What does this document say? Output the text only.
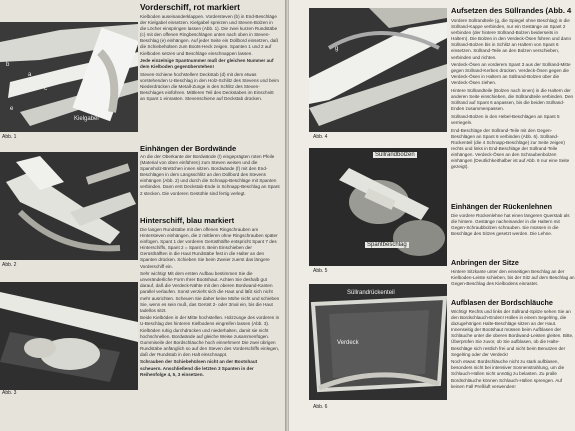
Kielgabel
b
c
e
a
Abb. 1
Abb. 2
Abb. 3
Vorderschiff, rot markiert

Kielboden auseinanderklappen. Vordersteven (b) in End-Beschläge der Kielgabel einsetzen. Kielgabel spreizen und Steven-Bolzen in die Löcher einspringen lassen (Abb. 1). Die zwei kurzen Rundstäbe (c) mit den offenen Ringbeschlägen unten nach oben in Steven-Beschlag (e) einhängen. Auf jeder Seite ein Dollbord einsetzen, daß die Schiebehülsen zum Boots-Heck zeigen. Spanten 1 und 2 auf Kielboden setzen und Beschläge einschnappen lassen.

Jede einzelnige Spantnummer muß der gleichen Nummer auf dem Kielboden gegenüberstehen!

Steven-Schiene hochstellen! Deckstab (d) mit dem etwas vorstehenden U-Beschlag in den Holz-Schlitz des Stevens und beim Niederdrücken die Metall-Zunge in den Schlitz des Steven-Beschlages einführen. Mittleren Teil des Deckstabes im Einschnitt an Spant 1 einrasten. Stevenschiene auf Deckstab drücken.

Einhängen der Bordwände

An die der Oberkante der Bordwände (!) eingeprägten roten Pfeile (Material von oben einführen) zum Steven weisen und die Spannholz-Brettchen innen sitzen. Bordwände (f) mit den End-Beschlägen in dem Längsschlitz an den Dollbord des Stevens einhängen (Abb. 2) und durch die Schnapp-Beschläge mit Spanten verbinden. Dann erst Deckstab-Ende in Schnapp-Beschlag an Spant 2 stecken. Die vorderen Gestühle sind fertig verlegt.

Hinterschiff, blau markiert

Die langen Rundstäbe mit den offenen Ringschrauben am Hintersteven einhängen, die 2 mittleren ohne Ringschrauben später einfügen. Spant 1 der vorderen Gerüsthälfte entspricht Spant 7 des Hinterschiffs, Spant 2 = Spant 6. Beim Einschieben der Gerüsthälften in die Haut Rundstäbe fest in die Halter an den Spanten drücken. Schieben Sie beim Zweier zuerst das längere Vorderschiff ein.

Sehr wichtig! Mit dem ersten Aufbau bestimmen Sie die unveränderliche Form Ihrer Bootshaut. Achten Sie deshalb gut darauf, daß die Verdeck-Nähte mit den oberen Bordwand-Kanten parallel verlaufen. Sonst verzieht sich die Haut und läßt sich nicht mehr ausrichten. Scheuen Sie daher keine Mühe nicht und schieben Sie, wenn es sein muß, das Gerüst 2- oder 3mal ein, bis die Haut tadellos sitzt.

Beide Kielböden in der Mitte hochstellen. Holzzunge des vorderen in U-Beschlag des hinteren Kielbodens eingreifen lassen (Abb. 3). Kielböden ruhig durchdrücken und niederhalten, damit sie nicht hochschnellen. Bordwände auf gleiche Weise zusammenfügen. Gummiseile der Bordschläuche hoch einnehmen! Die zwei übrigen Rundstäbe anfänglich so auf den Steven des Vorderschiffs einlegen, daß der Rundstab in den Halt einschnappt.

Schrauben der Schiebehülsen nicht an der Bootshaut scheuern. Anschließend die letzten 3 Spanten in der Reihenfolge 4, 5, 3 einsetzen.

g
g
Abb. 4
Süllrandbolzen
Spantbeschlag
Abb. 5
Süllrandrückenteil
Verdeck
Abb. 6
Aufsetzen des Süllrandes (Abb. 4

Vordere Süllrandteile (g, die Spiegel ohne Beschlag) in die Süllrand-Kappe verbinden, nur ein Gestänge an Spant 2 verbinden (der hintere Süllrand-Bolzen beiderseits in Haltern). Die Bolzen in den Verdeck-Ösen führen und dann Süllrand-Bolzen bis in Schlitz an Haltern von Spant 6 einsetzen. Süllrand-Teile an den Bolzen verschieben, verbinden und richten.

Verdeck-Ösen an vorderem Spant 3 aus der Süllrand-Mitte gegen Süllrand-Kerben drücken. Verdeck-Ösen gegen die Verdeck-Ösen in Haltern an Süllrand-Bolzen über die Verdeck-Ösen ziehen.

Hintere Süllrandteile (Bolzen nach innen) in die Haltern der anderen Seite einschieben, die Süllrandteile verbinden. Den Süllrand auf Spant 6 anpassen, bis die beiden Süllrand-Enden zusammenpassen.

Süllrand-Bolzen in den Hebel-Beschlägen an Spant 5 verriegeln.

End-Beschläge der Süllrand-Teile mit den Gegen-Beschlägen an Spant 6 verbinden (Abb. 6). Süllrand-Rückenteil (die 4 Schnapp-Beschläge) zur Seite zeigen) rechts und links in End-Beschläge der Süllrand-Teile einhängen. Verdeck-Ösen an den Schraubenbolzen einhängen (Deutlichkeithalber ist auf Abb. 6 nur eine Seite gezeigt).

Einhängen der Rückenlehnen

Die vordere Rückenlehne hat einen längeren Querstab als die hintere. Gestänge nacheinander in die Haltern mit Gegen-Schraubbolzen schrauben. Sie müssen in die Beschläge des Sitzes gesetzt werden. Die Lehne.

Anbringen der Sitze

Hintere Sitzkante unter den einseitigen Beschlag an der Kielboden-Leiste schieben, bis der Sitz auf dem Beschlag an Gegen-Beschlag des Kielbodens einrastet.

Aufblasen der Bordschläuche

Wichtig! Rechts und links der Süllrand-Spitze sehen Sie an den Bordschlauch-Enden! Hüllen in einem Segelring, die dazugehörigen Halte-Beschläge sitzen an der Haut. Innenseitig der Bootshaut müssen beim Aufblasen der Schläuche unter die oberen Bordwand-Leisten gleiten. Bitte, Überprüfen Sie zuvor, ob Sie aufblasen, ob die Halte-Beschläge sich restlich frei und nicht beim Benutzen der Segelring oder der Verdeck!

Noch etwas: Bordschläuche nicht zu stark aufblasen, besonders nicht bei intensiver Sonnenstrahlung, um die Schlauch-Hüllen nicht unnötig zu belasten. Zu pralle Bordschläuche können Schlauch-Hüllen sprengen. Auf keinen Fall Preßluft verwenden!
